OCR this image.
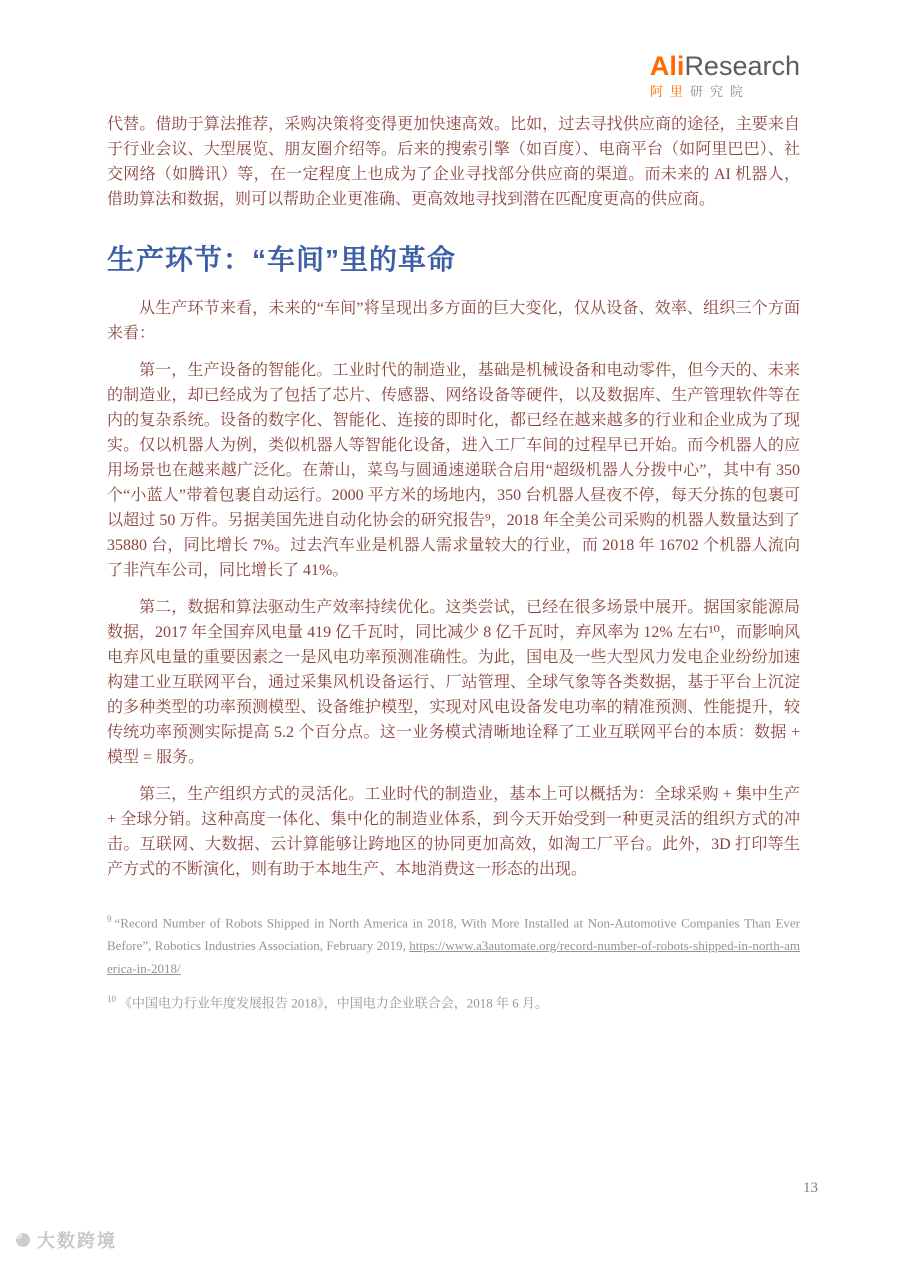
AliResearch
阿里研究院

代替。借助于算法推荐，采购决策将变得更加快速高效。比如，过去寻找供应商的途径，主要来自于行业会议、大型展览、朋友圈介绍等。后来的搜索引擎（如百度）、电商平台（如阿里巴巴）、社交网络（如腾讯）等，在一定程度上也成为了企业寻找部分供应商的渠道。而未来的 AI 机器人，借助算法和数据，则可以帮助企业更准确、更高效地寻找到潜在匹配度更高的供应商。

生产环节：“车间”里的革命

从生产环节来看，未来的“车间”将呈现出多方面的巨大变化，仅从设备、效率、组织三个方面来看：

第一，生产设备的智能化。工业时代的制造业，基础是机械设备和电动零件，但今天的、未来的制造业，却已经成为了包括了芯片、传感器、网络设备等硬件，以及数据库、生产管理软件等在内的复杂系统。设备的数字化、智能化、连接的即时化，都已经在越来越多的行业和企业成为了现实。仅以机器人为例，类似机器人等智能化设备，进入工厂车间的过程早已开始。而今机器人的应用场景也在越来越广泛化。在萧山，菜鸟与圆通速递联合启用“超级机器人分拨中心”，其中有 350 个“小蓝人”带着包裹自动运行。2000 平方米的场地内，350 台机器人昼夜不停，每天分拣的包裹可以超过 50 万件。另据美国先进自动化协会的研究报告⁹，2018 年全美公司采购的机器人数量达到了 35880 台，同比增长 7%。过去汽车业是机器人需求量较大的行业，而 2018 年 16702 个机器人流向了非汽车公司，同比增长了 41%。

第二，数据和算法驱动生产效率持续优化。这类尝试，已经在很多场景中展开。据国家能源局数据，2017 年全国弃风电量 419 亿千瓦时，同比减少 8 亿千瓦时，弃风率为 12% 左右¹⁰，而影响风电弃风电量的重要因素之一是风电功率预测准确性。为此，国电及一些大型风力发电企业纷纷加速构建工业互联网平台，通过采集风机设备运行、厂站管理、全球气象等各类数据，基于平台上沉淀的多种类型的功率预测模型、设备维护模型，实现对风电设备发电功率的精准预测、性能提升，较传统功率预测实际提高 5.2 个百分点。这一业务模式清晰地诠释了工业互联网平台的本质：数据 + 模型 = 服务。

第三，生产组织方式的灵活化。工业时代的制造业，基本上可以概括为：全球采购 + 集中生产 + 全球分销。这种高度一体化、集中化的制造业体系，到今天开始受到一种更灵活的组织方式的冲击。互联网、大数据、云计算能够让跨地区的协同更加高效，如淘工厂平台。此外，3D 打印等生产方式的不断演化，则有助于本地生产、本地消费这一形态的出现。

$^9$ “Record Number of Robots Shipped in North America in 2018, With More Installed at Non-Automotive Companies Than Ever Before”, Robotics Industries Association, February 2019, https://www.a3automate.org/record-number-of-robots-shipped-in-north-america-in-2018/

$^{10}$ 《中国电力行业年度发展报告 2018》，中国电力企业联合会，2018 年 6 月。

13
大数跨境
